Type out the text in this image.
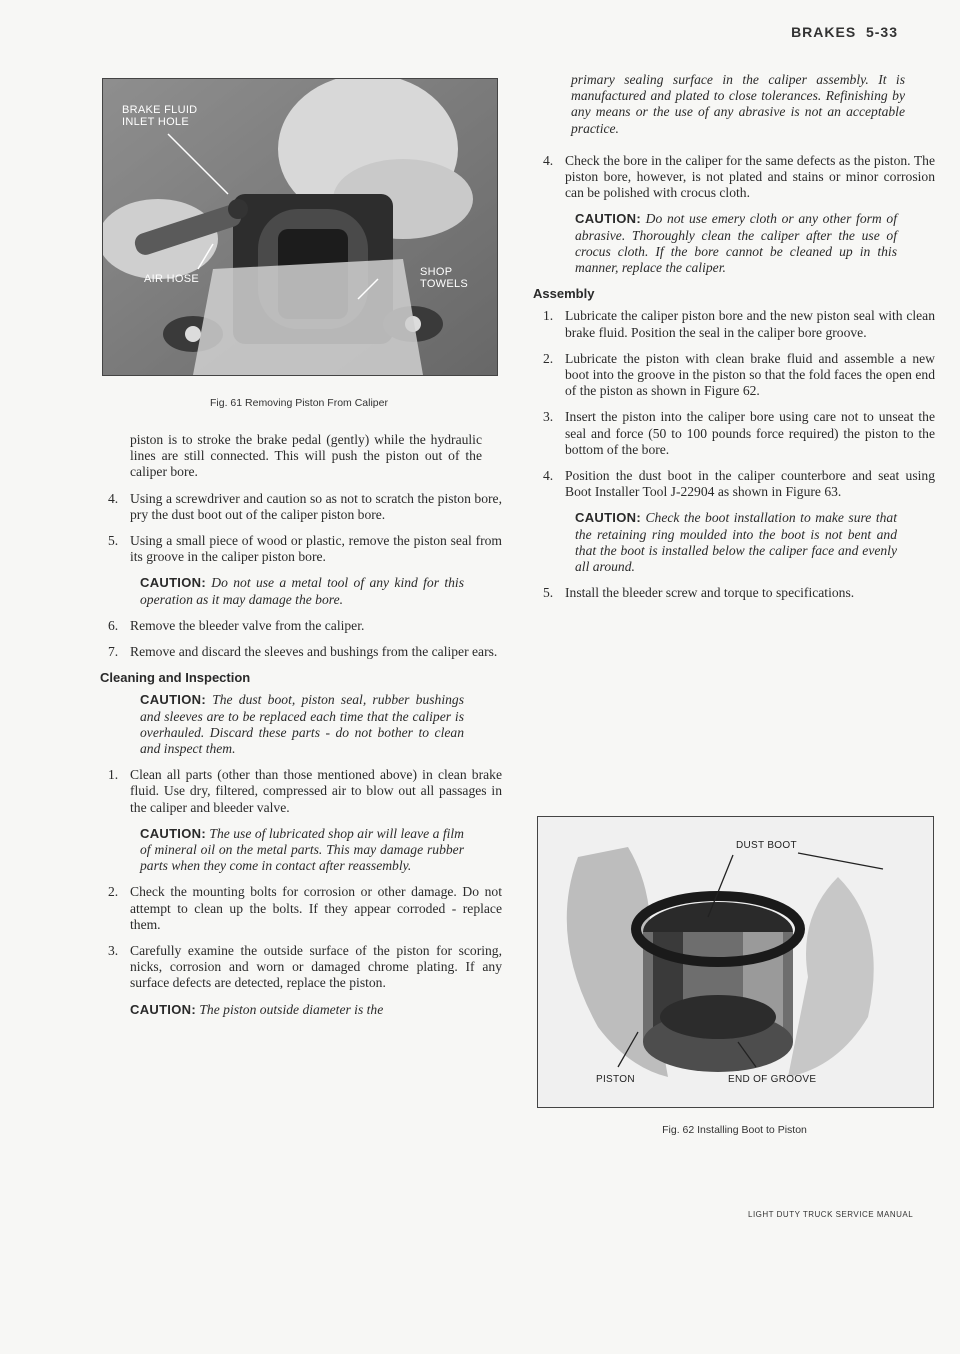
BRAKES 5-33
BRAKE FLUID
INLET HOLE
AIR HOSE
SHOP
TOWELS
Fig. 61 Removing Piston From Caliper
piston is to stroke the brake pedal (gently) while the hydraulic lines are still connected. This will push the piston out of the caliper bore.
4. Using a screwdriver and caution so as not to scratch the piston bore, pry the dust boot out of the caliper piston bore.
5. Using a small piece of wood or plastic, remove the piston seal from its groove in the caliper piston bore.
CAUTION: Do not use a metal tool of any kind for this operation as it may damage the bore.
6. Remove the bleeder valve from the caliper.
7. Remove and discard the sleeves and bushings from the caliper ears.
Cleaning and Inspection
CAUTION: The dust boot, piston seal, rubber bushings and sleeves are to be replaced each time that the caliper is overhauled. Discard these parts - do not bother to clean and inspect them.
1. Clean all parts (other than those mentioned above) in clean brake fluid. Use dry, filtered, compressed air to blow out all passages in the caliper and bleeder valve.
CAUTION: The use of lubricated shop air will leave a film of mineral oil on the metal parts. This may damage rubber parts when they come in contact after reassembly.
2. Check the mounting bolts for corrosion or other damage. Do not attempt to clean up the bolts. If they appear corroded - replace them.
3. Carefully examine the outside surface of the piston for scoring, nicks, corrosion and worn or damaged chrome plating. If any surface defects are detected, replace the piston.
CAUTION: The piston outside diameter is the
primary sealing surface in the caliper assembly. It is manufactured and plated to close tolerances. Refinishing by any means or the use of any abrasive is not an acceptable practice.
4. Check the bore in the caliper for the same defects as the piston. The piston bore, however, is not plated and stains or minor corrosion can be polished with crocus cloth.
CAUTION: Do not use emery cloth or any other form of abrasive. Thoroughly clean the caliper after the use of crocus cloth. If the bore cannot be cleaned up in this manner, replace the caliper.
Assembly
1. Lubricate the caliper piston bore and the new piston seal with clean brake fluid. Position the seal in the caliper bore groove.
2. Lubricate the piston with clean brake fluid and assemble a new boot into the groove in the piston so that the fold faces the open end of the piston as shown in Figure 62.
3. Insert the piston into the caliper bore using care not to unseat the seal and force (50 to 100 pounds force required) the piston to the bottom of the bore.
4. Position the dust boot in the caliper counterbore and seat using Boot Installer Tool J-22904 as shown in Figure 63.
CAUTION: Check the boot installation to make sure that the retaining ring moulded into the boot is not bent and that the boot is installed below the caliper face and evenly all around.
5. Install the bleeder screw and torque to specifications.
DUST BOOT
PISTON	END OF GROOVE
Fig. 62 Installing Boot to Piston
LIGHT DUTY TRUCK SERVICE MANUAL
